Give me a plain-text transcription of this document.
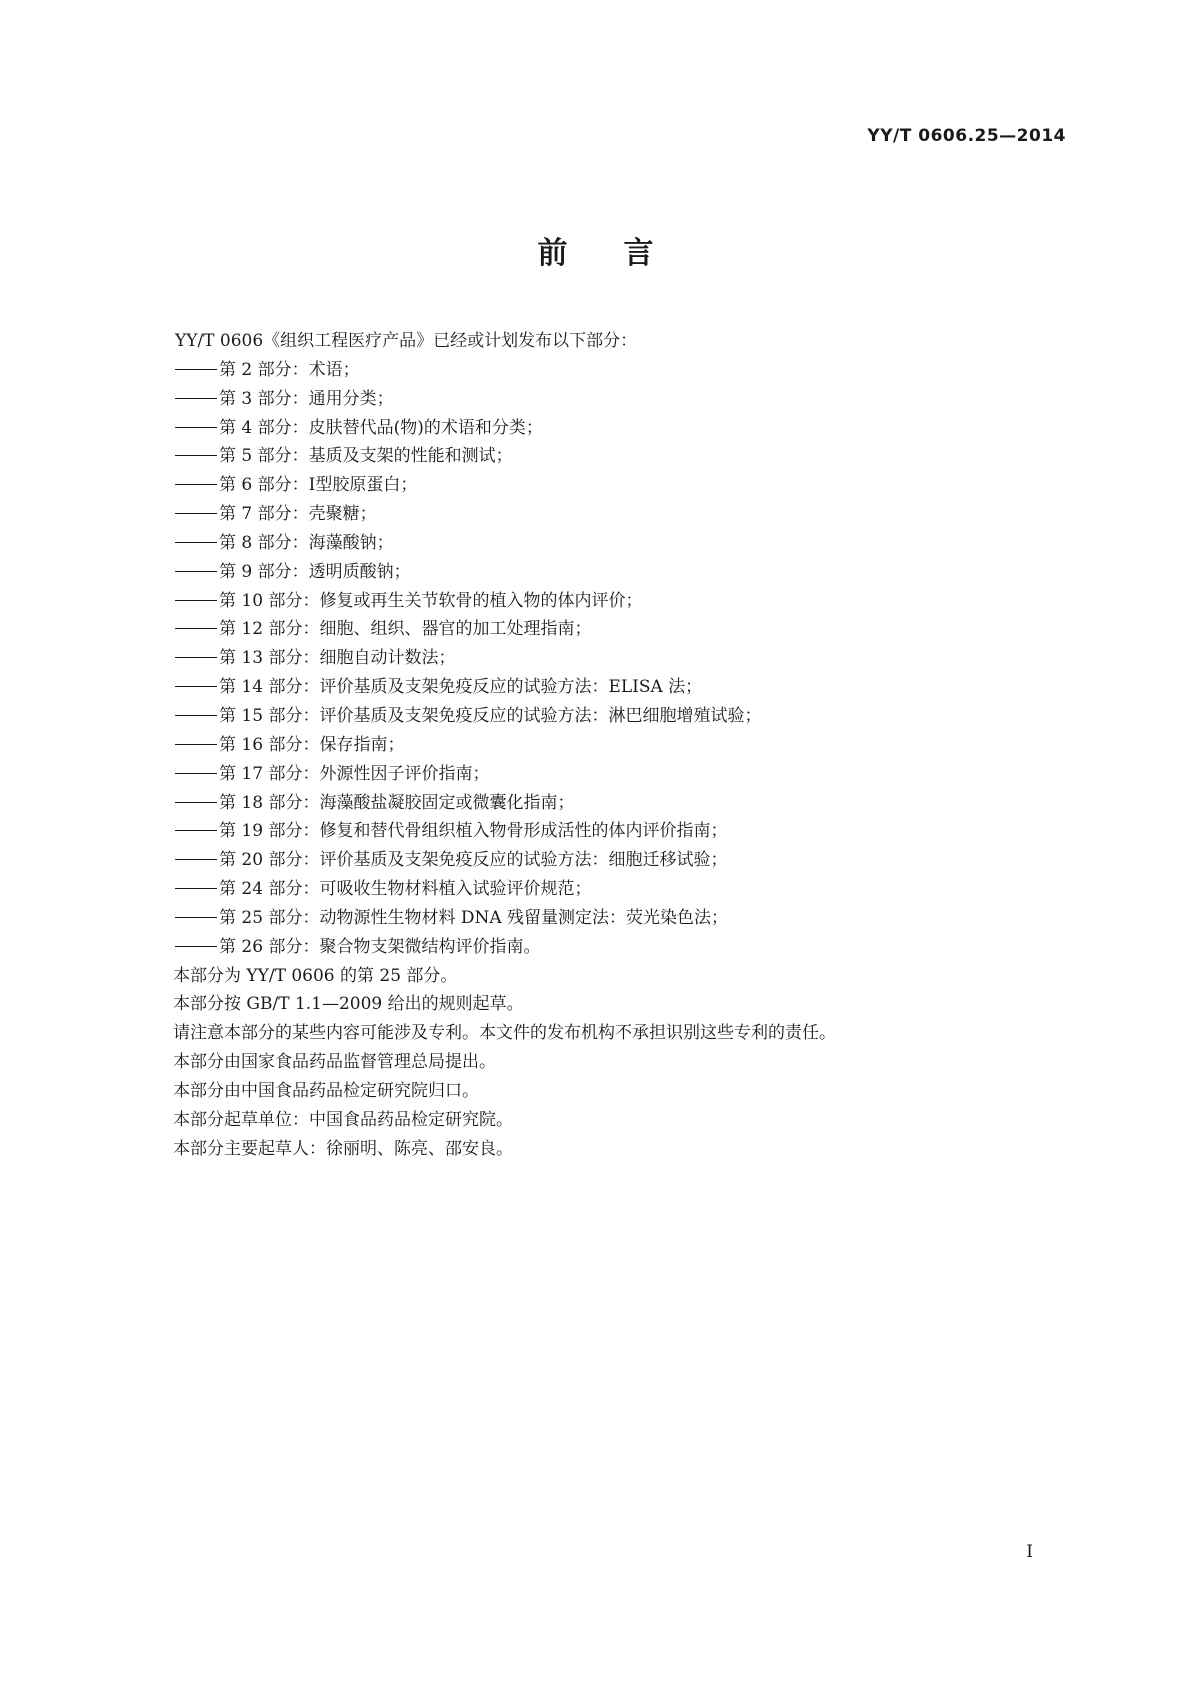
YY/T 0606.25—2014
前言
YY/T 0606《组织工程医疗产品》已经或计划发布以下部分：
第 2 部分：术语；
第 3 部分：通用分类；
第 4 部分：皮肤替代品(物)的术语和分类；
第 5 部分：基质及支架的性能和测试；
第 6 部分：Ⅰ型胶原蛋白；
第 7 部分：壳聚糖；
第 8 部分：海藻酸钠；
第 9 部分：透明质酸钠；
第 10 部分：修复或再生关节软骨的植入物的体内评价；
第 12 部分：细胞、组织、器官的加工处理指南；
第 13 部分：细胞自动计数法；
第 14 部分：评价基质及支架免疫反应的试验方法：ELISA 法；
第 15 部分：评价基质及支架免疫反应的试验方法：淋巴细胞增殖试验；
第 16 部分：保存指南；
第 17 部分：外源性因子评价指南；
第 18 部分：海藻酸盐凝胶固定或微囊化指南；
第 19 部分：修复和替代骨组织植入物骨形成活性的体内评价指南；
第 20 部分：评价基质及支架免疫反应的试验方法：细胞迁移试验；
第 24 部分：可吸收生物材料植入试验评价规范；
第 25 部分：动物源性生物材料 DNA 残留量测定法：荧光染色法；
第 26 部分：聚合物支架微结构评价指南。
本部分为 YY/T 0606 的第 25 部分。
本部分按 GB/T 1.1—2009 给出的规则起草。
请注意本部分的某些内容可能涉及专利。本文件的发布机构不承担识别这些专利的责任。
本部分由国家食品药品监督管理总局提出。
本部分由中国食品药品检定研究院归口。
本部分起草单位：中国食品药品检定研究院。
本部分主要起草人：徐丽明、陈亮、邵安良。
I
